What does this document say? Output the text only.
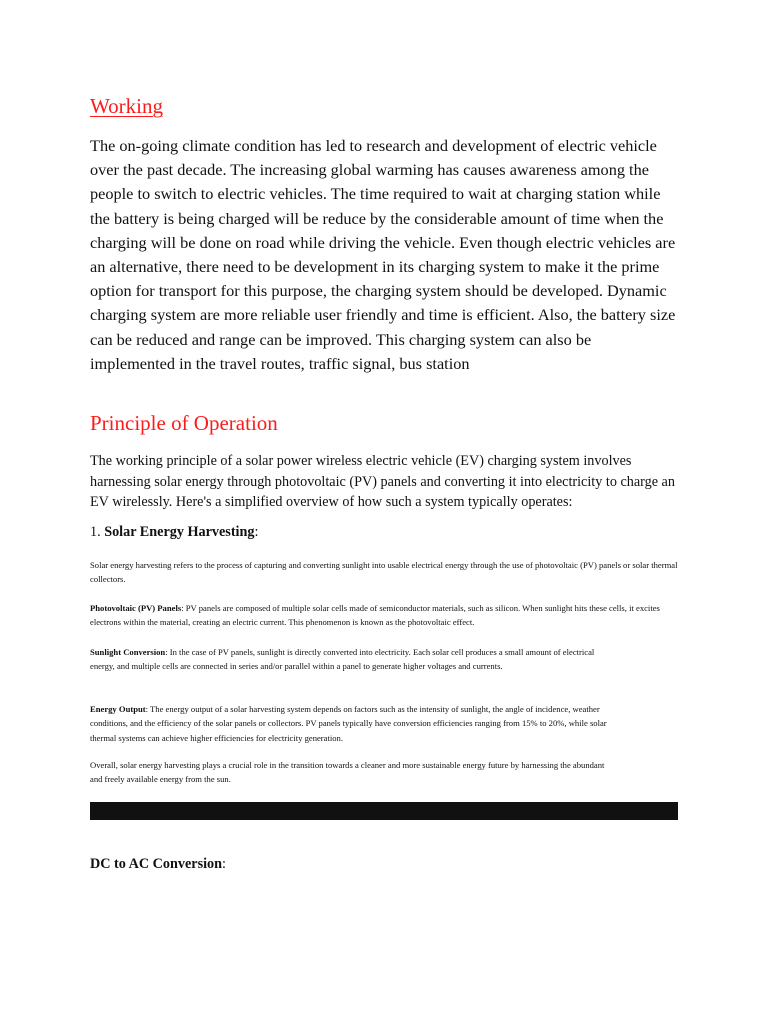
Working

The on-going climate condition has led to research and development of electric vehicle over the past decade. The increasing global warming has causes awareness among the people to switch to electric vehicles. The time required to wait at charging station while the battery is being charged will be reduce by the considerable amount of time when the charging will be done on road while driving the vehicle. Even though electric vehicles are an alternative, there need to be development in its charging system to make it the prime option for transport for this purpose, the charging system should be developed. Dynamic charging system are more reliable user friendly and time is efficient. Also, the battery size can be reduced and range can be improved. This charging system can also be implemented in the travel routes, traffic signal, bus station

Principle of Operation

The working principle of a solar power wireless electric vehicle (EV) charging system involves harnessing solar energy through photovoltaic (PV) panels and converting it into electricity to charge an EV wirelessly. Here's a simplified overview of how such a system typically operates:

1. Solar Energy Harvesting:

Solar energy harvesting refers to the process of capturing and converting sunlight into usable electrical energy through the use of photovoltaic (PV) panels or solar thermal collectors.

Photovoltaic (PV) Panels: PV panels are composed of multiple solar cells made of semiconductor materials, such as silicon. When sunlight hits these cells, it excites electrons within the material, creating an electric current. This phenomenon is known as the photovoltaic effect.

Sunlight Conversion: In the case of PV panels, sunlight is directly converted into electricity. Each solar cell produces a small amount of electrical energy, and multiple cells are connected in series and/or parallel within a panel to generate higher voltages and currents.

Energy Output: The energy output of a solar harvesting system depends on factors such as the intensity of sunlight, the angle of incidence, weather conditions, and the efficiency of the solar panels or collectors. PV panels typically have conversion efficiencies ranging from 15% to 20%, while solar thermal systems can achieve higher efficiencies for electricity generation.

Overall, solar energy harvesting plays a crucial role in the transition towards a cleaner and more sustainable energy future by harnessing the abundant and freely available energy from the sun.

DC to AC Conversion:
